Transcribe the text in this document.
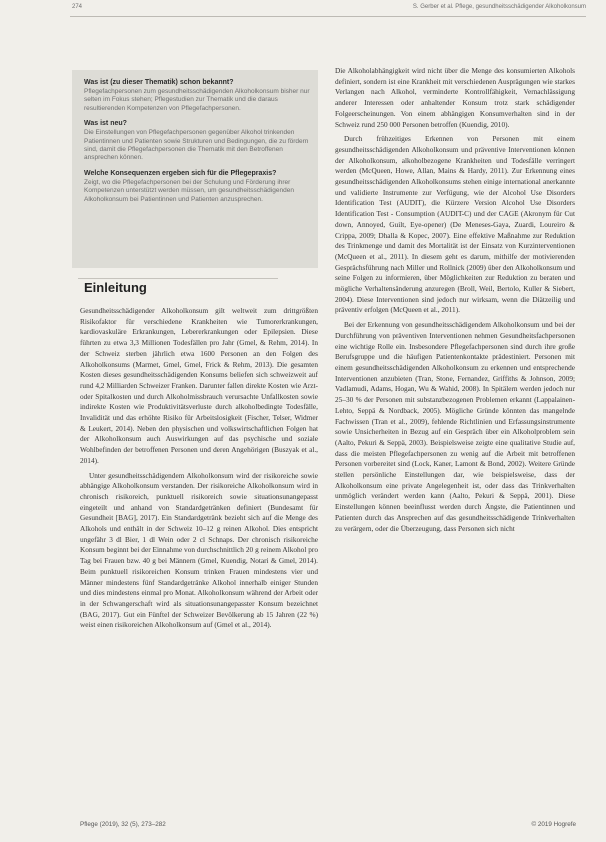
274	S. Gerber et al. Pflege, gesundheitsschädigender Alkoholkonsum
Was ist (zu dieser Thematik) schon bekannt?

Pflegefachpersonen zum gesundheitsschädigenden Alkoholkonsum bisher nur selten im Fokus stehen; Pflegestudien zur Thematik und die daraus resultierenden Kompetenzen von Pflegefachpersonen.

Was ist neu?

Die Einstellungen von Pflegefachpersonen gegenüber Alkohol trinkenden Patientinnen und Patienten sowie Strukturen und Bedingungen, die zu fördern sind, damit die Pflegefachpersonen die Thematik mit den Betroffenen ansprechen können.

Welche Konsequenzen ergeben sich für die Pflegepraxis?

Zeigt, wo die Pflegefachpersonen bei der Schulung und Förderung ihrer Kompetenzen unterstützt werden müssen, um gesundheitsschädigenden Alkoholkonsum bei Patientinnen und Patienten anzusprechen.

Einleitung

Gesundheitsschädigender Alkoholkonsum gilt weltweit zum drittgrößten Risikofaktor für verschiedene Krankheiten wie Tumorerkrankungen, kardiovaskuläre Erkrankungen, Lebererkrankungen oder Epilepsien. Diese führten zu etwa 3,3 Millionen Todesfällen pro Jahr (Gmel, & Rehm, 2014). In der Schweiz sterben jährlich etwa 1600 Personen an den Folgen des Alkoholkonsums (Marmet, Gmel, Gmel, Frick & Rehm, 2013). Die gesamten Kosten dieses gesundheitsschädigenden Konsums beliefen sich schweizweit auf rund 4,2 Milliarden Schweizer Franken. Darunter fallen direkte Kosten wie Arzt- oder Spitalkosten und durch Alkoholmissbrauch verursachte Unfallkosten sowie indirekte Kosten wie Produktivitätsverluste durch alkoholbedingte Todesfälle, Invalidität und das erhöhte Risiko für Arbeitslosigkeit (Fischer, Telser, Widmer & Leukert, 2014). Neben den physischen und volkswirtschaftlichen Folgen hat der Alkoholkonsum auch Auswirkungen auf das psychische und soziale Wohlbefinden der betroffenen Personen und deren Angehörigen (Buszyak et al., 2014).

Unter gesundheitsschädigendem Alkoholkonsum wird der risikoreiche sowie abhängige Alkoholkonsum verstanden. Der risikoreiche Alkoholkonsum wird in chronisch risikoreich, punktuell risikoreich sowie situationsunangepasst eingeteilt und anhand von Standardgetränken definiert (Bundesamt für Gesundheit [BAG], 2017). Ein Standardgetränk bezieht sich auf die Menge des Alkohols und enthält in der Schweiz 10–12 g reinen Alkohol. Dies entspricht ungefähr 3 dl Bier, 1 dl Wein oder 2 cl Schnaps. Der chronisch risikoreiche Konsum beginnt bei der Einnahme von durchschnittlich 20 g reinem Alkohol pro Tag bei Frauen bzw. 40 g bei Männern (Gmel, Kuendig, Notari & Gmel, 2014). Beim punktuell risikoreichen Konsum trinken Frauen mindestens vier und Männer mindestens fünf Standardgetränke Alkohol innerhalb einiger Stunden und dies mindestens einmal pro Monat. Alkoholkonsum während der Arbeit oder in der Schwangerschaft wird als situationsunangepasster Konsum bezeichnet (BAG, 2017). Gut ein Fünftel der Schweizer Bevölkerung ab 15 Jahren (22 %) weist einen risikoreichen Alkoholkonsum auf (Gmel et al., 2014).

Die Alkoholabhängigkeit wird nicht über die Menge des konsumierten Alkohols definiert, sondern ist eine Krankheit mit verschiedenen Ausprägungen wie starkes Verlangen nach Alkohol, verminderte Kontrollfähigkeit, Vernachlässigung anderer Interessen oder anhaltender Konsum trotz stark schädigender Folgeerscheinungen. Von einem abhängigen Konsumverhalten sind in der Schweiz rund 250 000 Personen betroffen (Kuendig, 2010).

Durch frühzeitiges Erkennen von Personen mit einem gesundheitsschädigenden Alkoholkonsum und präventive Interventionen können der Alkoholkonsum, alkoholbezogene Krankheiten und Todesfälle verringert werden (McQueen, Howe, Allan, Mains & Hardy, 2011). Zur Erkennung eines gesundheitsschädigenden Alkoholkonsums stehen einige international anerkannte und validierte Instrumente zur Verfügung, wie der Alcohol Use Disorders Identification Test (AUDIT), die Kürzere Version Alcohol Use Disorders Identification Test - Consumption (AUDIT-C) und der CAGE (Akronym für Cut down, Annoyed, Guilt, Eye-opener) (De Meneses-Gaya, Zuardi, Loureiro & Crippa, 2009; Dhalla & Kopec, 2007). Eine effektive Maßnahme zur Reduktion des Trinkmenge und damit des Mortalität ist der Einsatz von Kurzinterventionen (McQueen et al., 2011). In diesem geht es darum, mithilfe der motivierenden Gesprächsführung nach Miller und Rollnick (2009) über den Alkoholkonsum und seine Folgen zu informieren, über Möglichkeiten zur Reduktion zu beraten und mögliche Verhaltensänderung anzuregen (Broll, Weil, Bertolo, Kuller & Siebert, 2004). Diese Interventionen sind jedoch nur wirksam, wenn die Diätzeilig und präventiv erfolgen (McQueen et al., 2011).

Bei der Erkennung von gesundheitsschädigendem Alkoholkonsum und bei der Durchführung von präventiven Interventionen nehmen Gesundheitsfachpersonen eine wichtige Rolle ein. Insbesondere Pflegefachpersonen sind durch ihre große Berufsgruppe und die häufigen Patientenkontakte prädestiniert. Personen mit einem gesundheitsschädigenden Alkoholkonsum zu erkennen und entsprechende Interventionen anzubieten (Tran, Stone, Fernandez, Griffiths & Johnson, 2009; Vadlamudi, Adams, Hogan, Wu & Wahid, 2008). In Spitälern werden jedoch nur 25–30 % der Personen mit substanzbezogenen Problemen erkannt (Lappalainen-Lehto, Seppä & Nordback, 2005). Mögliche Gründe könnten das mangelnde Fachwissen (Tran et al., 2009), fehlende Richtlinien und Erfassungsinstrumente sowie Unsicherheiten in Bezug auf ein Gespräch über ein Alkoholproblem sein (Aalto, Pekuri & Seppä, 2003). Beispielsweise zeigte eine qualitative Studie auf, dass die meisten Pflegefachpersonen zu wenig auf die Arbeit mit betroffenen Personen vorbereitet sind (Lock, Kaner, Lamont & Bond, 2002). Weitere Gründe stellen persönliche Einstellungen dar, wie beispielsweise, dass der Alkoholkonsum eine private Angelegenheit ist, oder dass das Trinkverhalten unmöglich verändert werden kann (Aalto, Pekuri & Seppä, 2001). Diese Einstellungen können beeinflusst werden durch Ängste, die Patientinnen und Patienten durch das Ansprechen auf das gesundheitsschädigende Trinkverhalten zu verärgern, oder die Überzeugung, dass Personen sich nicht

Pflege (2019), 32 (5), 273–282	© 2019 Hogrefe
